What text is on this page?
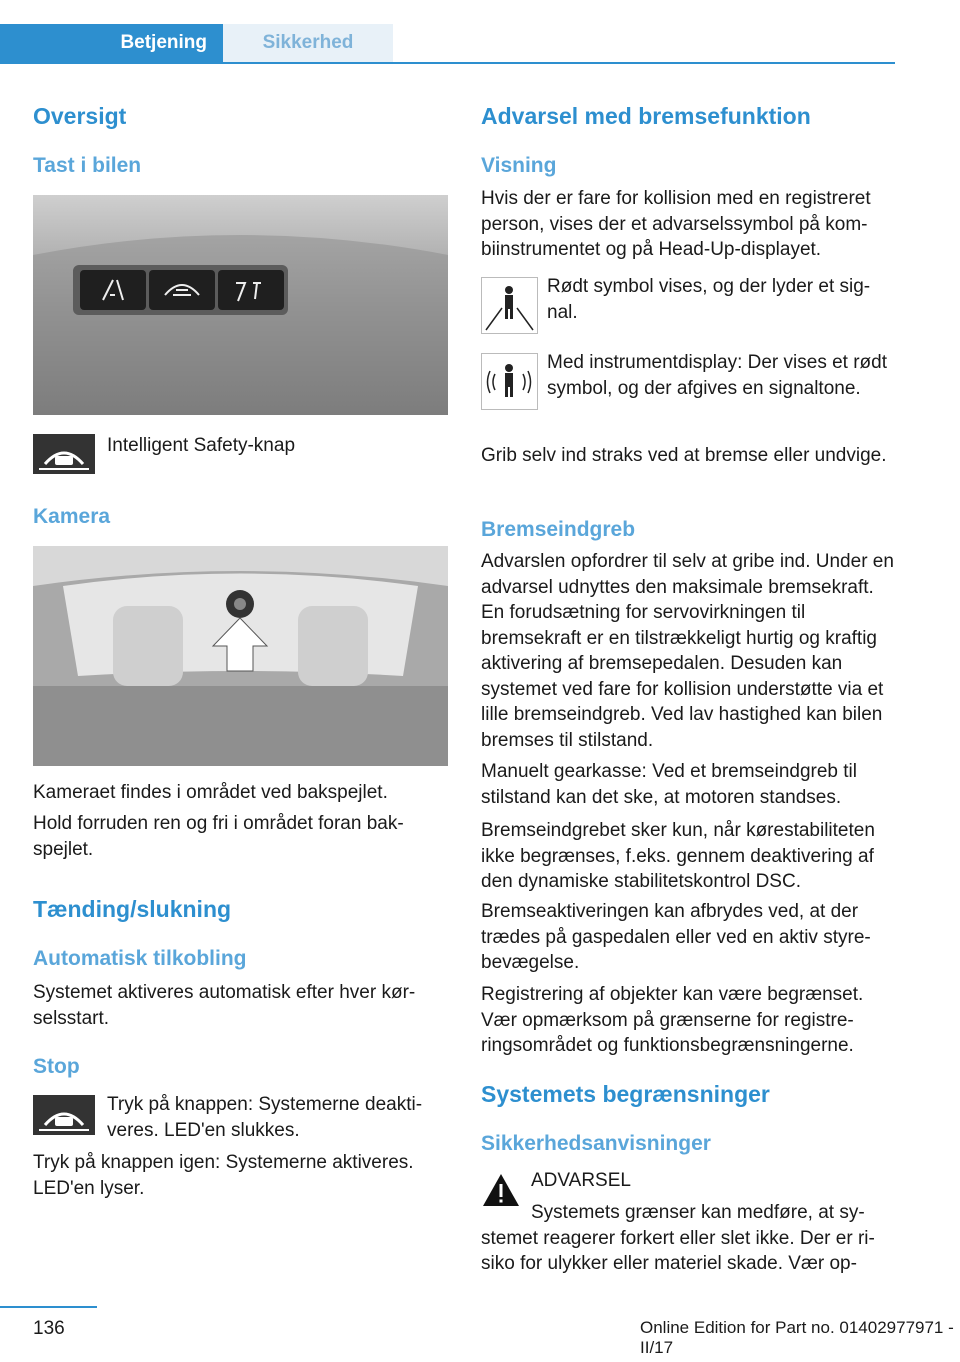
Betjening	Sikkerhed
Oversigt
Tast i bilen
Intelligent Safety-knap
Kamera
Kameraet findes i området ved bakspejlet.
Hold forruden ren og fri i området foran bakspejlet.
Tænding/slukning
Automatisk tilkobling
Systemet aktiveres automatisk efter hver kørselsstart.
Stop
Tryk på knappen: Systemerne deaktiveres. LED'en slukkes.
Tryk på knappen igen: Systemerne aktiveres. LED'en lyser.
Advarsel med bremsefunktion
Visning
Hvis der er fare for kollision med en registreret person, vises der et advarselssymbol på kombiinstrumentet og på Head-Up-displayet.
Rødt symbol vises, og der lyder et signal.
Med instrumentdisplay: Der vises et rødt symbol, og der afgives en signaltone.
Grib selv ind straks ved at bremse eller undvige.
Bremseindgreb
Advarslen opfordrer til selv at gribe ind. Under en advarsel udnyttes den maksimale bremsekraft. En forudsætning for servovirkningen til bremsekraft er en tilstrækkeligt hurtig og kraftig aktivering af bremsepedalen. Desuden kan systemet ved fare for kollision understøtte via et lille bremseindgreb. Ved lav hastighed kan bilen bremses til stilstand.
Manuelt gearkasse: Ved et bremseindgreb til stilstand kan det ske, at motoren standses.
Bremseindgrebet sker kun, når kørestabiliteten ikke begrænses, f.eks. gennem deaktivering af den dynamiske stabilitetskontrol DSC.
Bremseaktiveringen kan afbrydes ved, at der trædes på gaspedalen eller ved en aktiv styrebevægelse.
Registrering af objekter kan være begrænset. Vær opmærksom på grænserne for registreringsområdet og funktionsbegrænsningerne.
Systemets begrænsninger
Sikkerhedsanvisninger
ADVARSEL
Systemets grænser kan medføre, at systemet reagerer forkert eller slet ikke. Der er risiko for ulykker eller materiel skade. Vær op-
136	Online Edition for Part no. 01402977971 - II/17
